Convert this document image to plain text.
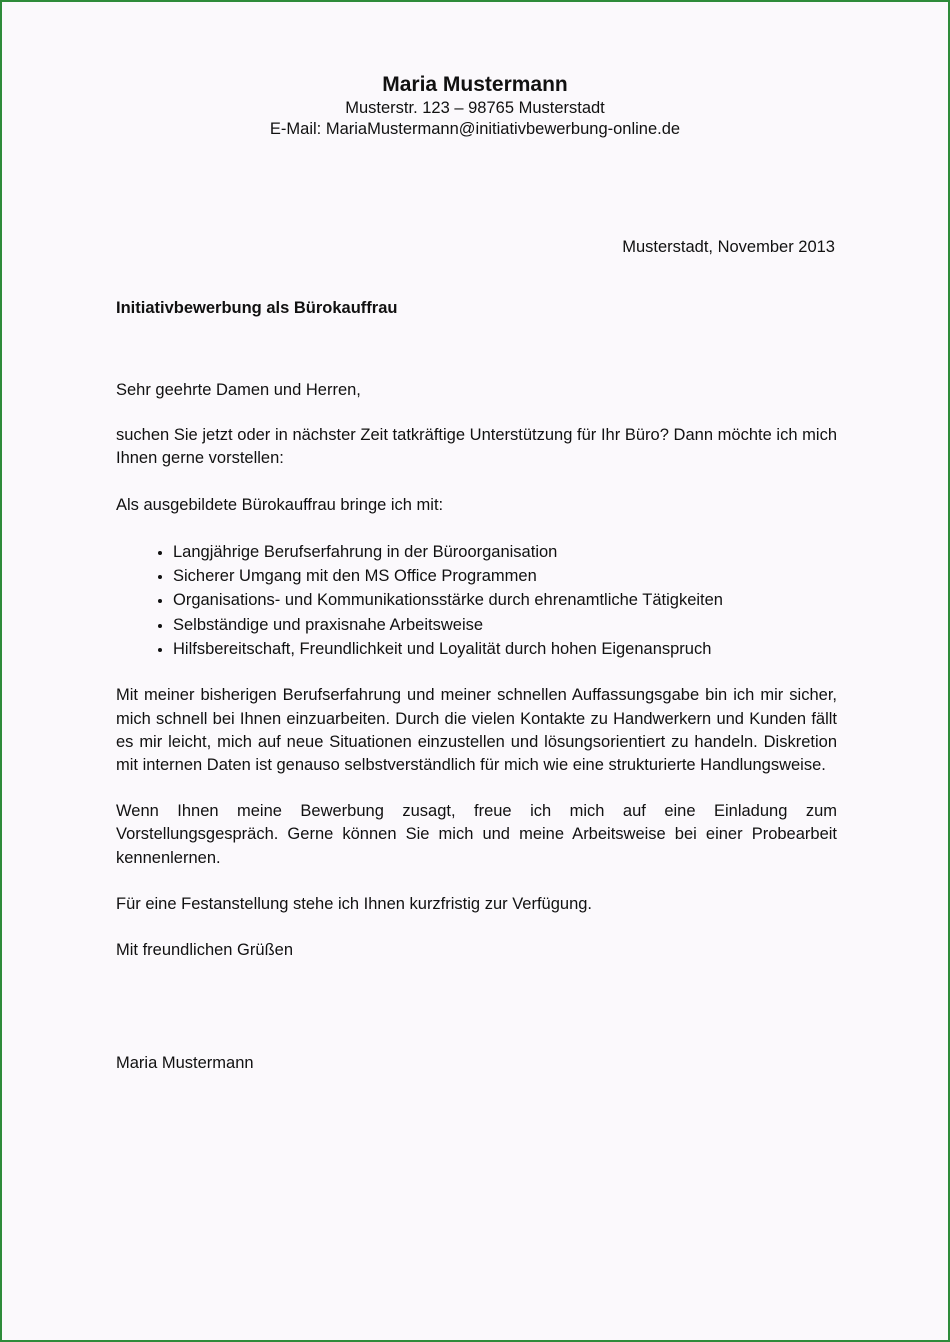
Maria Mustermann
Musterstr. 123 – 98765 Musterstadt
E-Mail: MariaMustermann@initiativbewerbung-online.de
Musterstadt, November 2013
Initiativbewerbung als Bürokauffrau

Sehr geehrte Damen und Herren,

suchen Sie jetzt oder in nächster Zeit tatkräftige Unterstützung für Ihr Büro? Dann möchte ich mich Ihnen gerne vorstellen:

Als ausgebildete Bürokauffrau bringe ich mit:

• Langjährige Berufserfahrung in der Büroorganisation
• Sicherer Umgang mit den MS Office Programmen
• Organisations- und Kommunikationsstärke durch ehrenamtliche Tätigkeiten
• Selbständige und praxisnahe Arbeitsweise
• Hilfsbereitschaft, Freundlichkeit und Loyalität durch hohen Eigenanspruch

Mit meiner bisherigen Berufserfahrung und meiner schnellen Auffassungsgabe bin ich mir sicher, mich schnell bei Ihnen einzuarbeiten. Durch die vielen Kontakte zu Handwerkern und Kunden fällt es mir leicht, mich auf neue Situationen einzustellen und lösungsorientiert zu handeln. Diskretion mit internen Daten ist genauso selbstverständlich für mich wie eine strukturierte Handlungsweise.

Wenn Ihnen meine Bewerbung zusagt, freue ich mich auf eine Einladung zum Vorstellungsgespräch. Gerne können Sie mich und meine Arbeitsweise bei einer Probearbeit kennenlernen.

Für eine Festanstellung stehe ich Ihnen kurzfristig zur Verfügung.

Mit freundlichen Grüßen

Maria Mustermann
